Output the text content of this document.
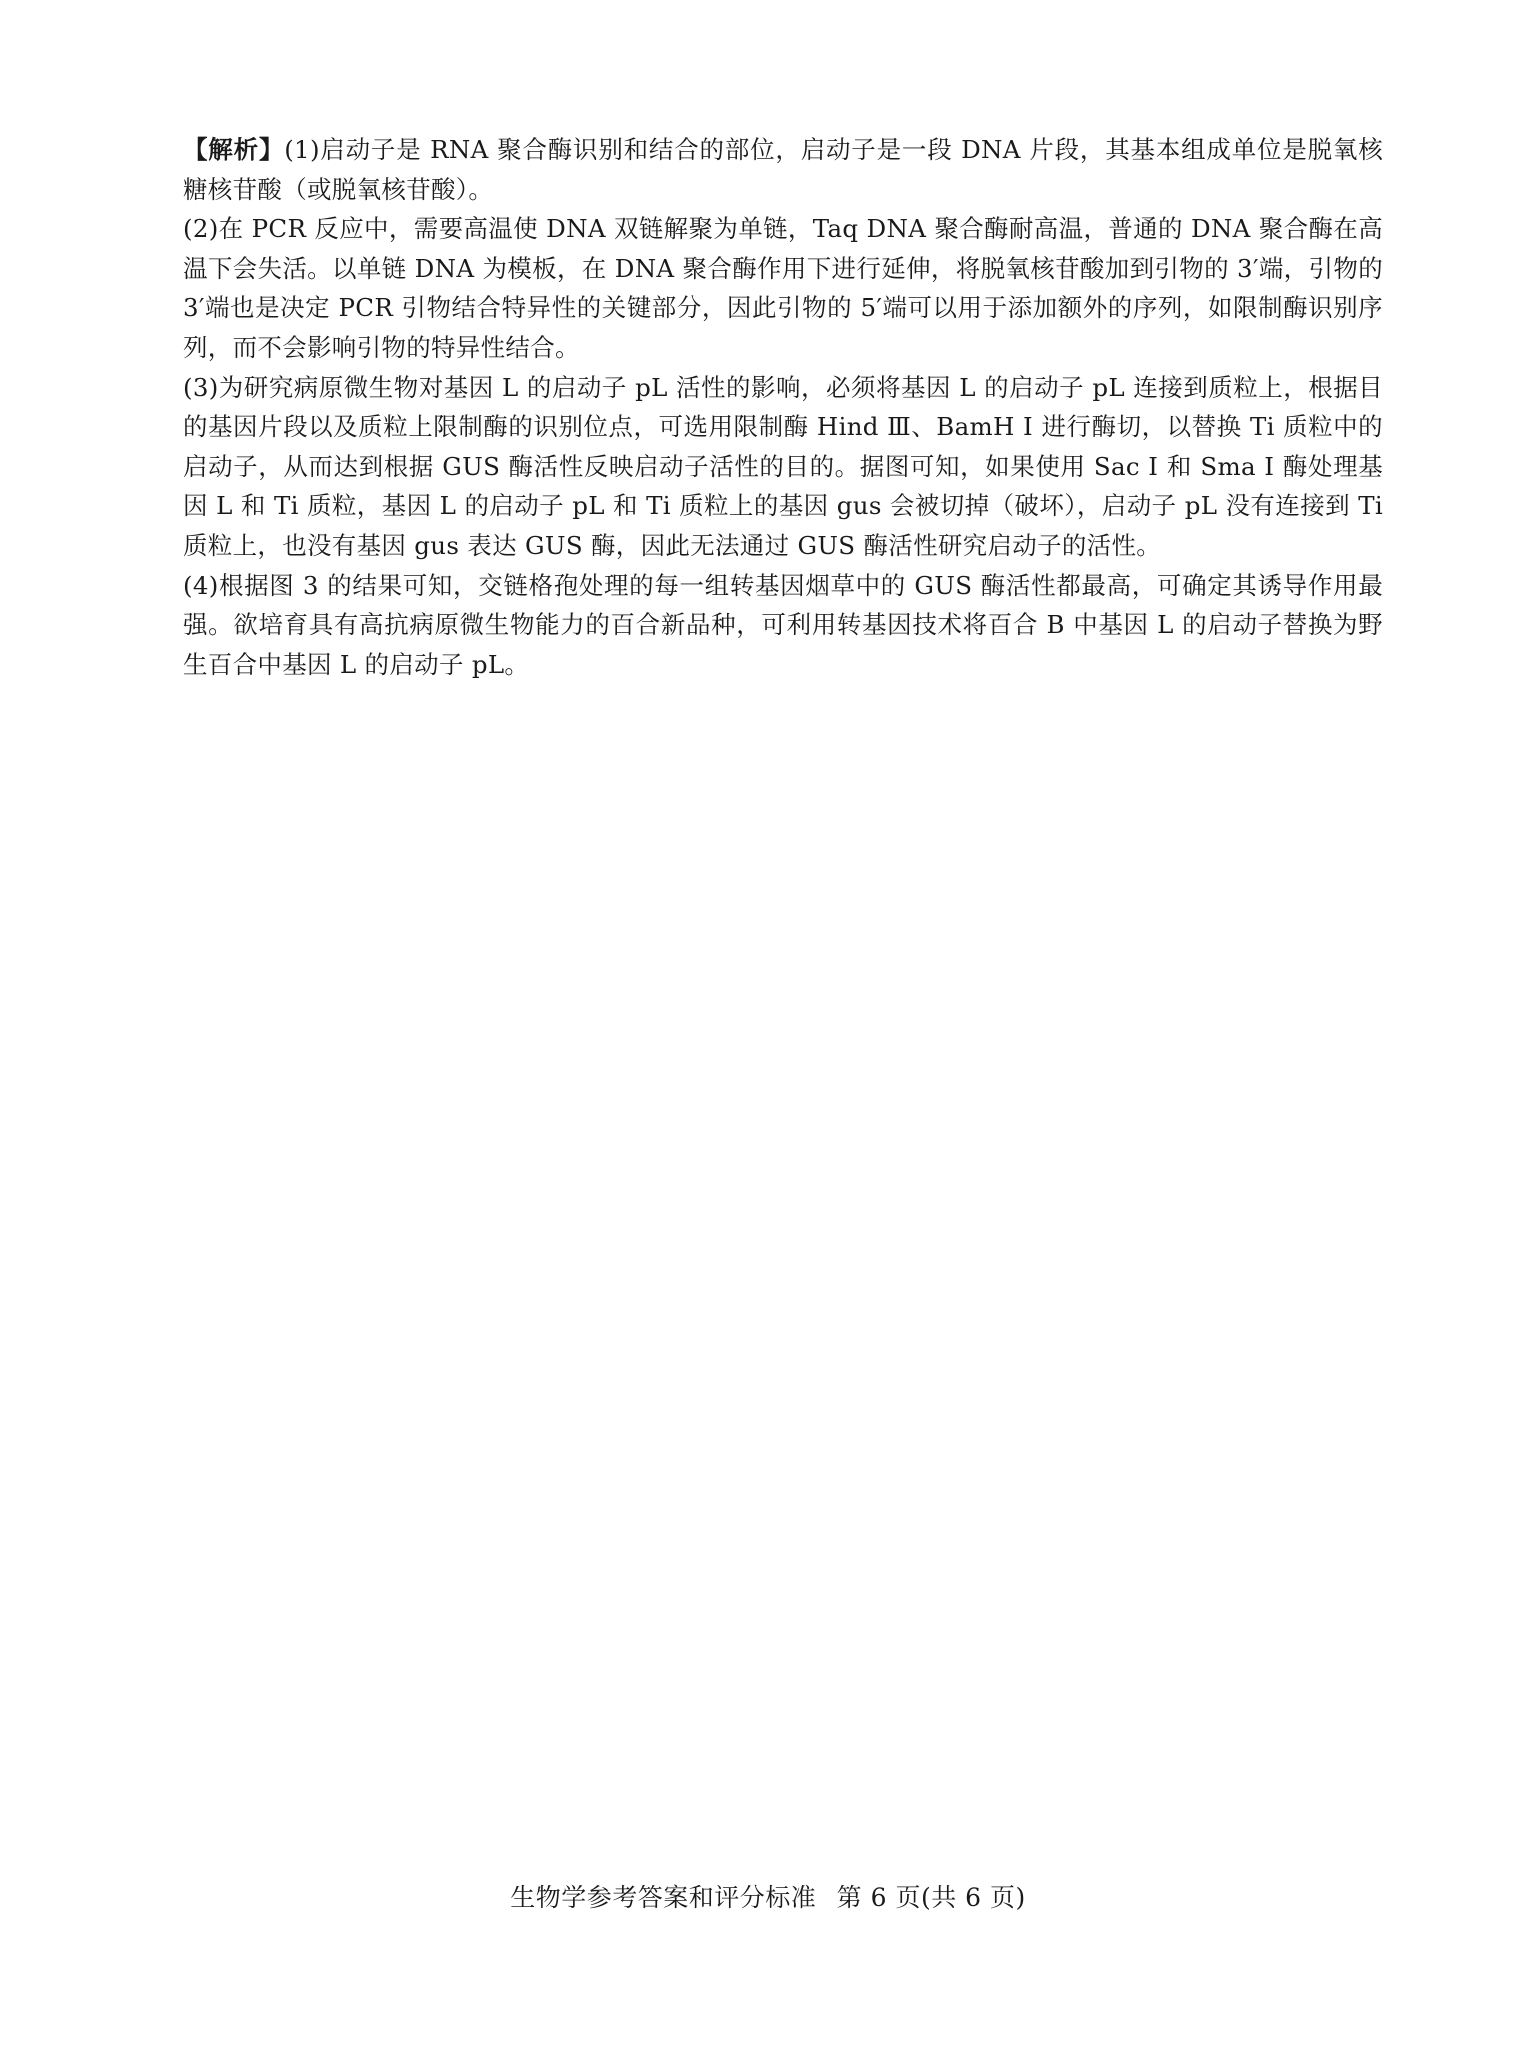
【解析】(1)启动子是 RNA 聚合酶识别和结合的部位，启动子是一段 DNA 片段，其基本组成单位是脱氧核糖核苷酸（或脱氧核苷酸）。

(2)在 PCR 反应中，需要高温使 DNA 双链解聚为单链，Taq DNA 聚合酶耐高温，普通的 DNA 聚合酶在高温下会失活。以单链 DNA 为模板，在 DNA 聚合酶作用下进行延伸，将脱氧核苷酸加到引物的 3′端，引物的 3′端也是决定 PCR 引物结合特异性的关键部分，因此引物的 5′端可以用于添加额外的序列，如限制酶识别序列，而不会影响引物的特异性结合。

(3)为研究病原微生物对基因 L 的启动子 pL 活性的影响，必须将基因 L 的启动子 pL 连接到质粒上，根据目的基因片段以及质粒上限制酶的识别位点，可选用限制酶 Hind Ⅲ、BamH Ⅰ 进行酶切，以替换 Ti 质粒中的启动子，从而达到根据 GUS 酶活性反映启动子活性的目的。据图可知，如果使用 Sac Ⅰ 和 Sma Ⅰ 酶处理基因 L 和 Ti 质粒，基因 L 的启动子 pL 和 Ti 质粒上的基因 gus 会被切掉（破坏），启动子 pL 没有连接到 Ti 质粒上，也没有基因 gus 表达 GUS 酶，因此无法通过 GUS 酶活性研究启动子的活性。

(4)根据图 3 的结果可知，交链格孢处理的每一组转基因烟草中的 GUS 酶活性都最高，可确定其诱导作用最强。欲培育具有高抗病原微生物能力的百合新品种，可利用转基因技术将百合 B 中基因 L 的启动子替换为野生百合中基因 L 的启动子 pL。

生物学参考答案和评分标准 第 6 页(共 6 页)
